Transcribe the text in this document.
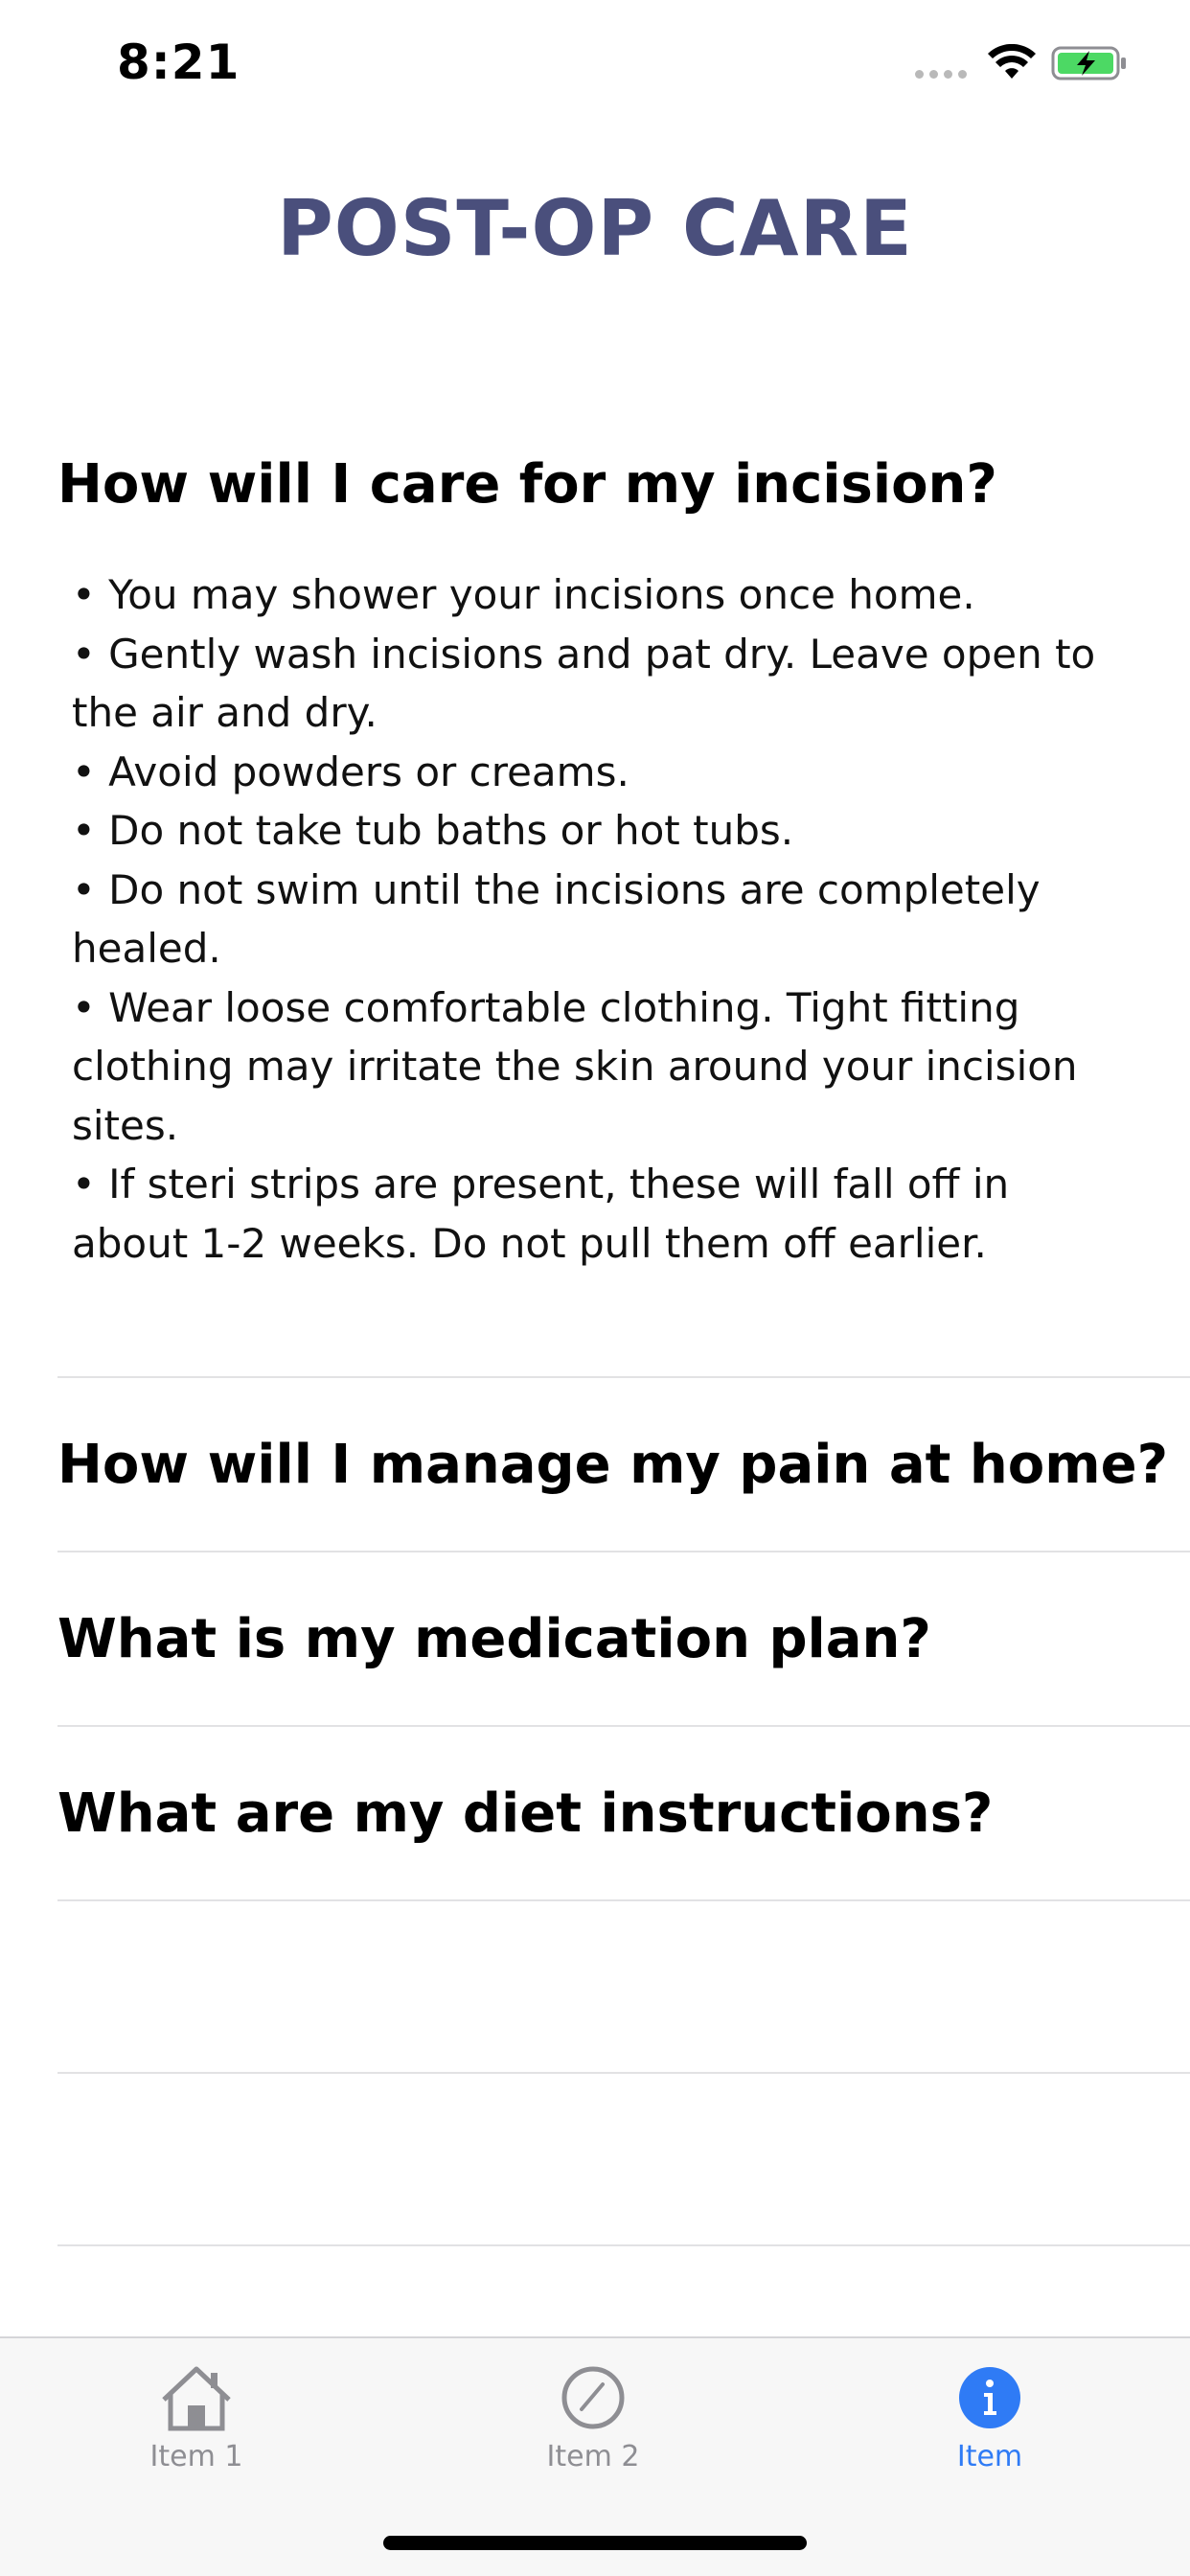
8:21
POST-OP CARE
How will I care for my incision?
• You may shower your incisions once home.
• Gently wash incisions and pat dry. Leave open to the air and dry.
• Avoid powders or creams.
• Do not take tub baths or hot tubs.
• Do not swim until the incisions are completely healed.
• Wear loose comfortable clothing. Tight fitting clothing may irritate the skin around your incision sites.
• If steri strips are present, these will fall off in about 1-2 weeks. Do not pull them off earlier.
How will I manage my pain at home?
What is my medication plan?
What are my diet instructions?
Item 1	Item 2	Item
